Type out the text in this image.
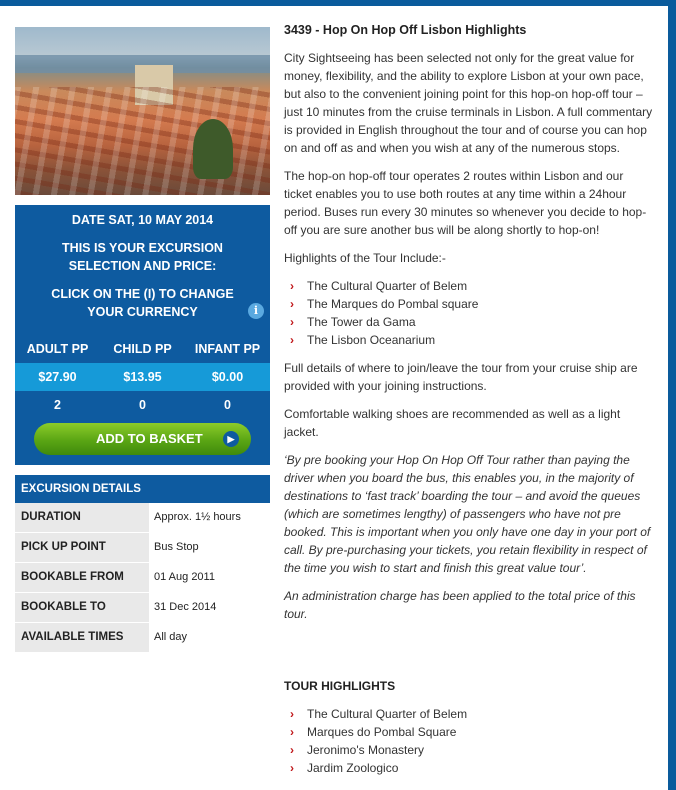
DATE SAT, 10 MAY 2014
THIS IS YOUR EXCURSION SELECTION AND PRICE:
CLICK ON THE (I) TO CHANGE YOUR CURRENCY	i
ADULT PP	CHILD PP	INFANT PP
$27.90	$13.95	$0.00
2	0	0
ADD TO BASKET	▶
EXCURSION DETAILS
DURATION	Approx. 1½ hours
PICK UP POINT	Bus Stop
BOOKABLE FROM	01 Aug 2011
BOOKABLE TO	31 Dec 2014
AVAILABLE TIMES	All day
3439 - Hop On Hop Off Lisbon Highlights

City Sightseeing has been selected not only for the great value for money, flexibility, and the ability to explore Lisbon at your own pace, but also to the convenient joining point for this hop-on hop-off tour – just 10 minutes from the cruise terminals in Lisbon. A full commentary is provided in English throughout the tour and of course you can hop on and off as and when you wish at any of the numerous stops.

The hop-on hop-off tour operates 2 routes within Lisbon and our ticket enables you to use both routes at any time within a 24hour period. Buses run every 30 minutes so whenever you decide to hop-off you are sure another bus will be along shortly to hop-on!

Highlights of the Tour Include:-

› The Cultural Quarter of Belem
› The Marques do Pombal square
› The Tower da Gama
› The Lisbon Oceanarium

Full details of where to join/leave the tour from your cruise ship are provided with your joining instructions.

Comfortable walking shoes are recommended as well as a light jacket.

‘By pre booking your Hop On Hop Off Tour rather than paying the driver when you board the bus, this enables you, in the majority of destinations to ‘fast track’ boarding the tour – and avoid the queues (which are sometimes lengthy) of passengers who have not pre booked. This is important when you only have one day in your port of call. By pre-purchasing your tickets, you retain flexibility in respect of the time you wish to start and finish this great value tour’.

An administration charge has been applied to the total price of this tour.

TOUR HIGHLIGHTS
› The Cultural Quarter of Belem
› Marques do Pombal Square
› Jeronimo's Monastery
› Jardim Zoologico
